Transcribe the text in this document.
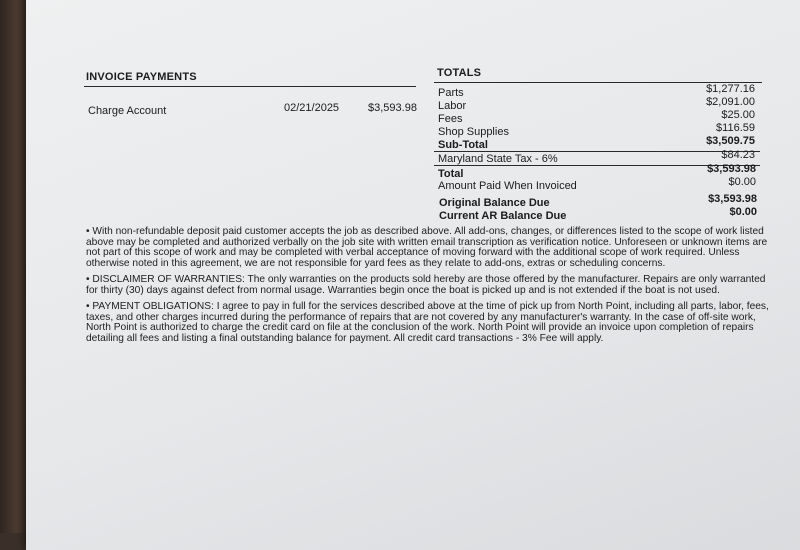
INVOICE PAYMENTS
Charge Account	02/21/2025	$3,593.98
TOTALS
Parts	$1,277.16
Labor	$2,091.00
Fees	$25.00
Shop Supplies	$116.59
Sub-Total	$3,509.75
Maryland State Tax - 6%	$84.23
Total	$3,593.98
Amount Paid When Invoiced	$0.00
Original Balance Due	$3,593.98
Current AR Balance Due	$0.00

• With non-refundable deposit paid customer accepts the job as described above. All add-ons, changes, or differences listed to the scope of work listed above may be completed and authorized verbally on the job site with written email transcription as verification notice. Unforeseen or unknown items are not part of this scope of work and may be completed with verbal acceptance of moving forward with the additional scope of work required. Unless otherwise noted in this agreement, we are not responsible for yard fees as they relate to add-ons, extras or scheduling concerns.

• DISCLAIMER OF WARRANTIES: The only warranties on the products sold hereby are those offered by the manufacturer. Repairs are only warranted for thirty (30) days against defect from normal usage. Warranties begin once the boat is picked up and is not extended if the boat is not used.

• PAYMENT OBLIGATIONS: I agree to pay in full for the services described above at the time of pick up from North Point, including all parts, labor, fees, taxes, and other charges incurred during the performance of repairs that are not covered by any manufacturer's warranty. In the case of off-site work, North Point is authorized to charge the credit card on file at the conclusion of the work. North Point will provide an invoice upon completion of repairs detailing all fees and listing a final outstanding balance for payment. All credit card transactions - 3% Fee will apply.
